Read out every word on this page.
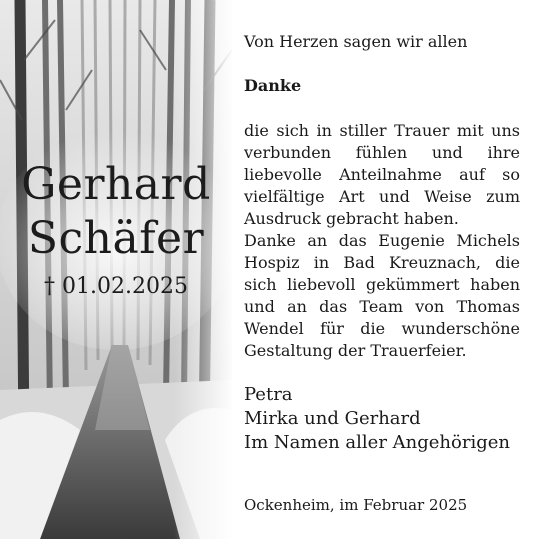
Gerhard
Schäfer
† 01.02.2025
Von Herzen sagen wir allen
Danke

die sich in stiller Trauer mit uns verbunden fühlen und ihre liebevolle Anteilnahme auf so vielfältige Art und Weise zum Ausdruck gebracht haben.

Danke an das Eugenie Michels Hospiz in Bad Kreuznach, die sich liebevoll gekümmert haben und an das Team von Thomas Wendel für die wunderschöne Gestaltung der Trauerfeier.

Petra
Mirka und Gerhard
Im Namen aller Angehörigen
Ockenheim, im Februar 2025
